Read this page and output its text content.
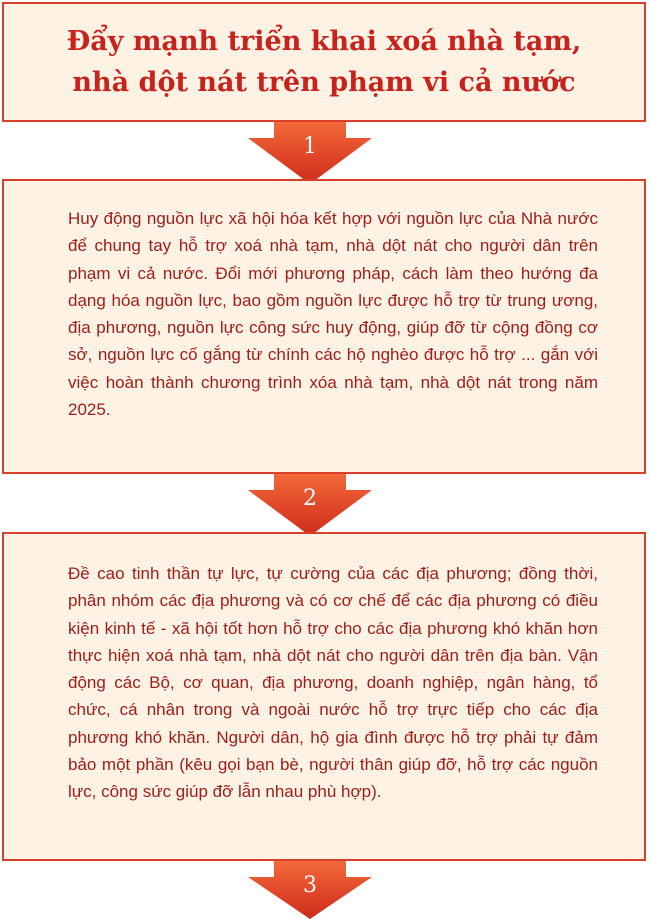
Đẩy mạnh triển khai xoá nhà tạm,
nhà dột nát trên phạm vi cả nước
1

Huy động nguồn lực xã hội hóa kết hợp với nguồn lực của Nhà nước để chung tay hỗ trợ xoá nhà tạm, nhà dột nát cho người dân trên phạm vi cả nước. Đổi mới phương pháp, cách làm theo hướng đa dạng hóa nguồn lực, bao gồm nguồn lực được hỗ trợ từ trung ương, địa phương, nguồn lực công sức huy động, giúp đỡ từ cộng đồng cơ sở, nguồn lực cố gắng từ chính các hộ nghèo được hỗ trợ ... gắn với việc hoàn thành chương trình xóa nhà tạm, nhà dột nát trong năm 2025.

2

Đề cao tinh thần tự lực, tự cường của các địa phương; đồng thời, phân nhóm các địa phương và có cơ chế để các địa phương có điều kiện kinh tế - xã hội tốt hơn hỗ trợ cho các địa phương khó khăn hơn thực hiện xoá nhà tạm, nhà dột nát cho người dân trên địa bàn. Vận động các Bộ, cơ quan, địa phương, doanh nghiệp, ngân hàng, tổ chức, cá nhân trong và ngoài nước hỗ trợ trực tiếp cho các địa phương khó khăn. Người dân, hộ gia đình được hỗ trợ phải tự đảm bảo một phần (kêu gọi bạn bè, người thân giúp đỡ, hỗ trợ các nguồn lực, công sức giúp đỡ lẫn nhau phù hợp).

3
